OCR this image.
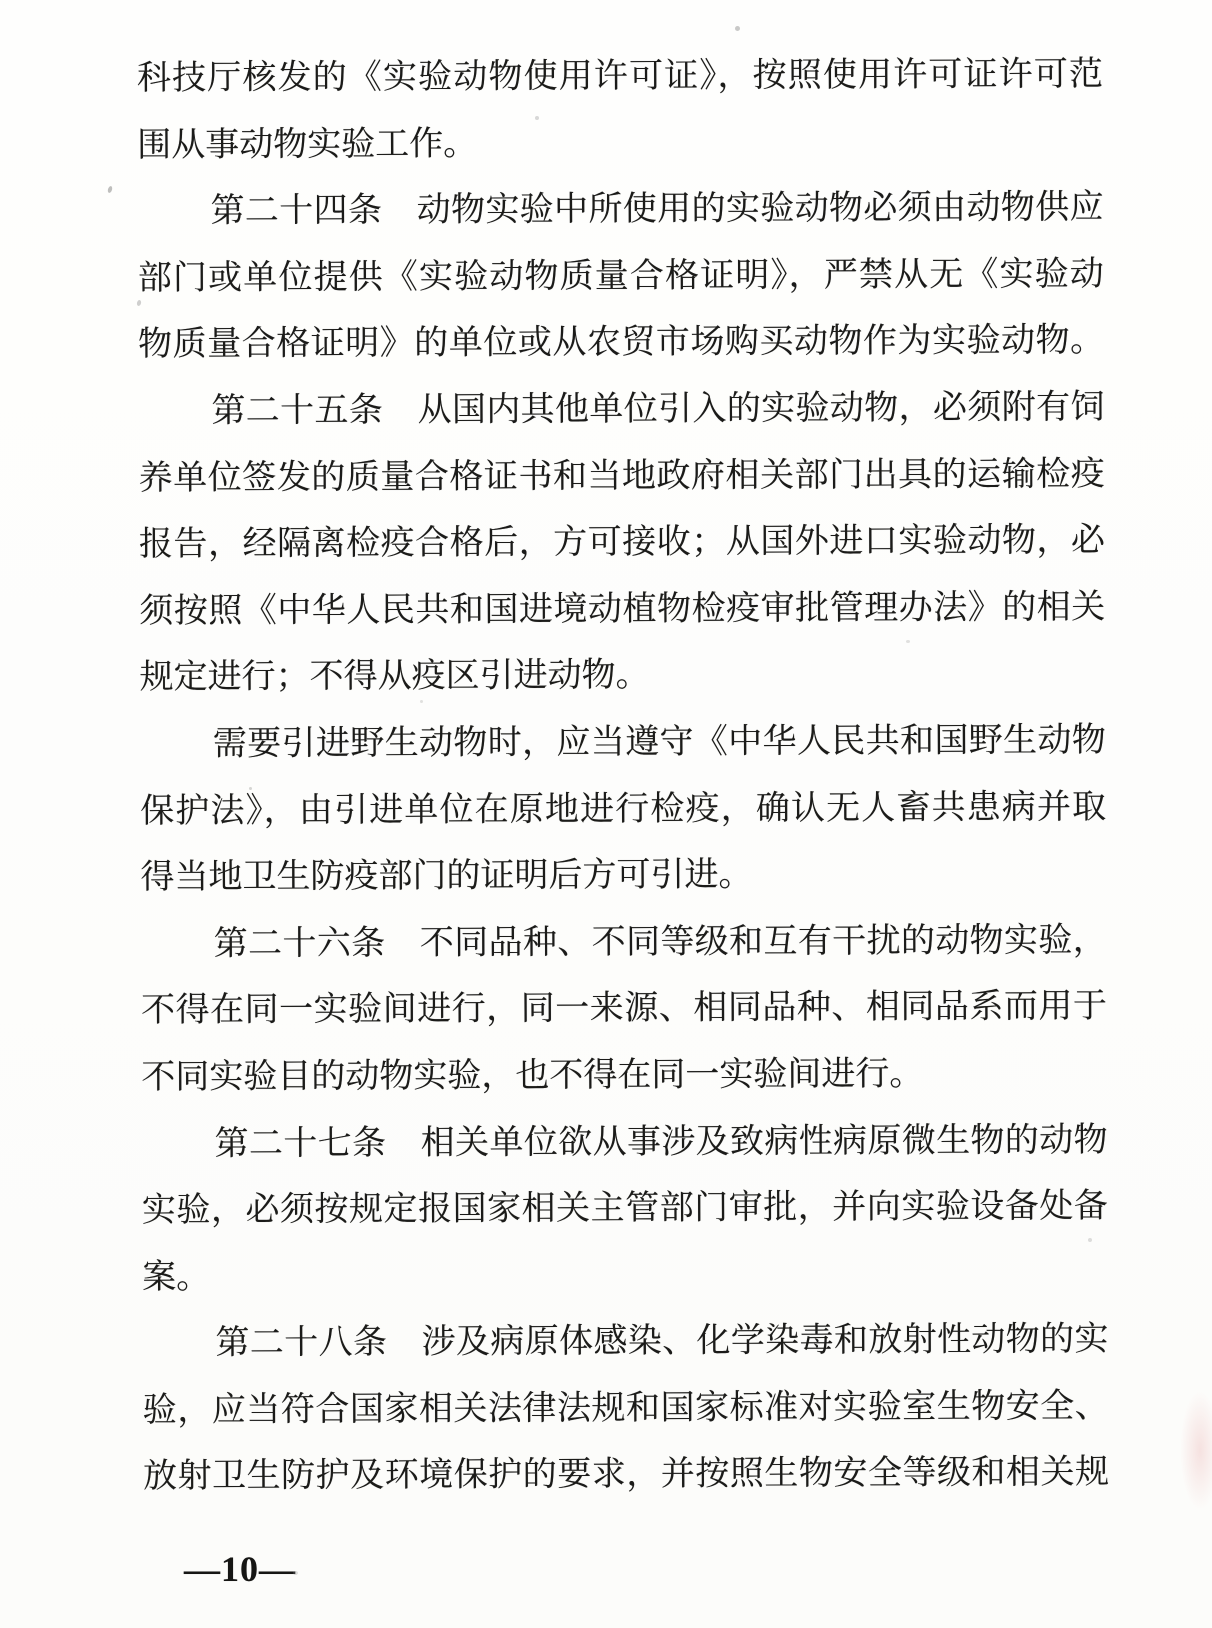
科技厅核发的《实验动物使用许可证》，按照使用许可证许可范
围从事动物实验工作。
第二十四条　动物实验中所使用的实验动物必须由动物供应
部门或单位提供《实验动物质量合格证明》，严禁从无《实验动
物质量合格证明》的单位或从农贸市场购买动物作为实验动物。
第二十五条　从国内其他单位引入的实验动物，必须附有饲
养单位签发的质量合格证书和当地政府相关部门出具的运输检疫
报告，经隔离检疫合格后，方可接收；从国外进口实验动物，必
须按照《中华人民共和国进境动植物检疫审批管理办法》的相关
规定进行；不得从疫区引进动物。
需要引进野生动物时，应当遵守《中华人民共和国野生动物
保护法》，由引进单位在原地进行检疫，确认无人畜共患病并取
得当地卫生防疫部门的证明后方可引进。
第二十六条　不同品种、不同等级和互有干扰的动物实验，
不得在同一实验间进行，同一来源、相同品种、相同品系而用于
不同实验目的动物实验，也不得在同一实验间进行。
第二十七条　相关单位欲从事涉及致病性病原微生物的动物
实验，必须按规定报国家相关主管部门审批，并向实验设备处备
案。
第二十八条　涉及病原体感染、化学染毒和放射性动物的实
验，应当符合国家相关法律法规和国家标准对实验室生物安全、
放射卫生防护及环境保护的要求，并按照生物安全等级和相关规
—10—
